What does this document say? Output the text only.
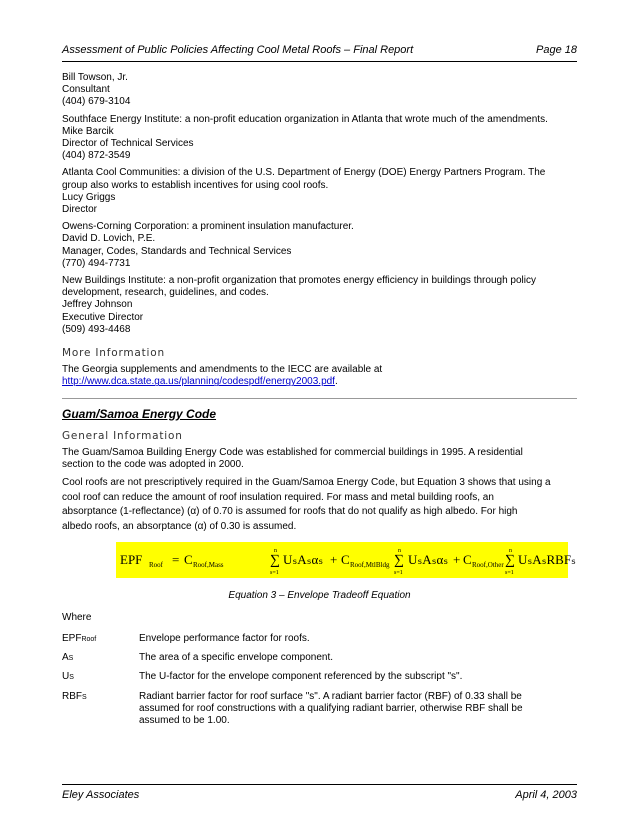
Assessment of Public Policies Affecting Cool Metal Roofs – Final Report	Page 18
Bill Towson, Jr.
Consultant
(404) 679-3104
Southface Energy Institute: a non-profit education organization in Atlanta that wrote much of the amendments.
Mike Barcik
Director of Technical Services
(404) 872-3549
Atlanta Cool Communities: a division of the U.S. Department of Energy (DOE) Energy Partners Program. The
group also works to establish incentives for using cool roofs.
Lucy Griggs
Director
Owens-Corning Corporation: a prominent insulation manufacturer.
David D. Lovich, P.E.
Manager, Codes, Standards and Technical Services
(770) 494-7731
New Buildings Institute: a non-profit organization that promotes energy efficiency in buildings through policy
development, research, guidelines, and codes.
Jeffrey Johnson
Executive Director
(509) 493-4468
More Information
The Georgia supplements and amendments to the IECC are available at
http://www.dca.state.ga.us/planning/codespdf/energy2003.pdf.
Guam/Samoa Energy Code
General Information
The Guam/Samoa Building Energy Code was established for commercial buildings in 1995. A residential
section to the code was adopted in 2000.
Cool roofs are not prescriptively required in the Guam/Samoa Energy Code, but Equation 3 shows that using a
cool roof can reduce the amount of roof insulation required. For mass and metal building roofs, an
absorptance (1-reflectance) (α) of 0.70 is assumed for roofs that do not qualify as high albedo. For high
albedo roofs, an absorptance (α) of 0.30 is assumed.
EPF Roof = C Roof,Mass
n
∑
s=1
UₛAₛαₛ + C Roof,MtlBldg
n
∑
s=1
UₛAₛαₛ + C Roof,Other
n
∑
s=1
UₛAₛRBFₛ
Equation 3 – Envelope Tradeoff Equation
Where
EPFRoof	Envelope performance factor for roofs.
AS	The area of a specific envelope component.
US	The U-factor for the envelope component referenced by the subscript "s".
RBFS	Radiant barrier factor for roof surface "s". A radiant barrier factor (RBF) of 0.33 shall be
assumed for roof constructions with a qualifying radiant barrier, otherwise RBF shall be
assumed to be 1.00.
Eley Associates	April 4, 2003
